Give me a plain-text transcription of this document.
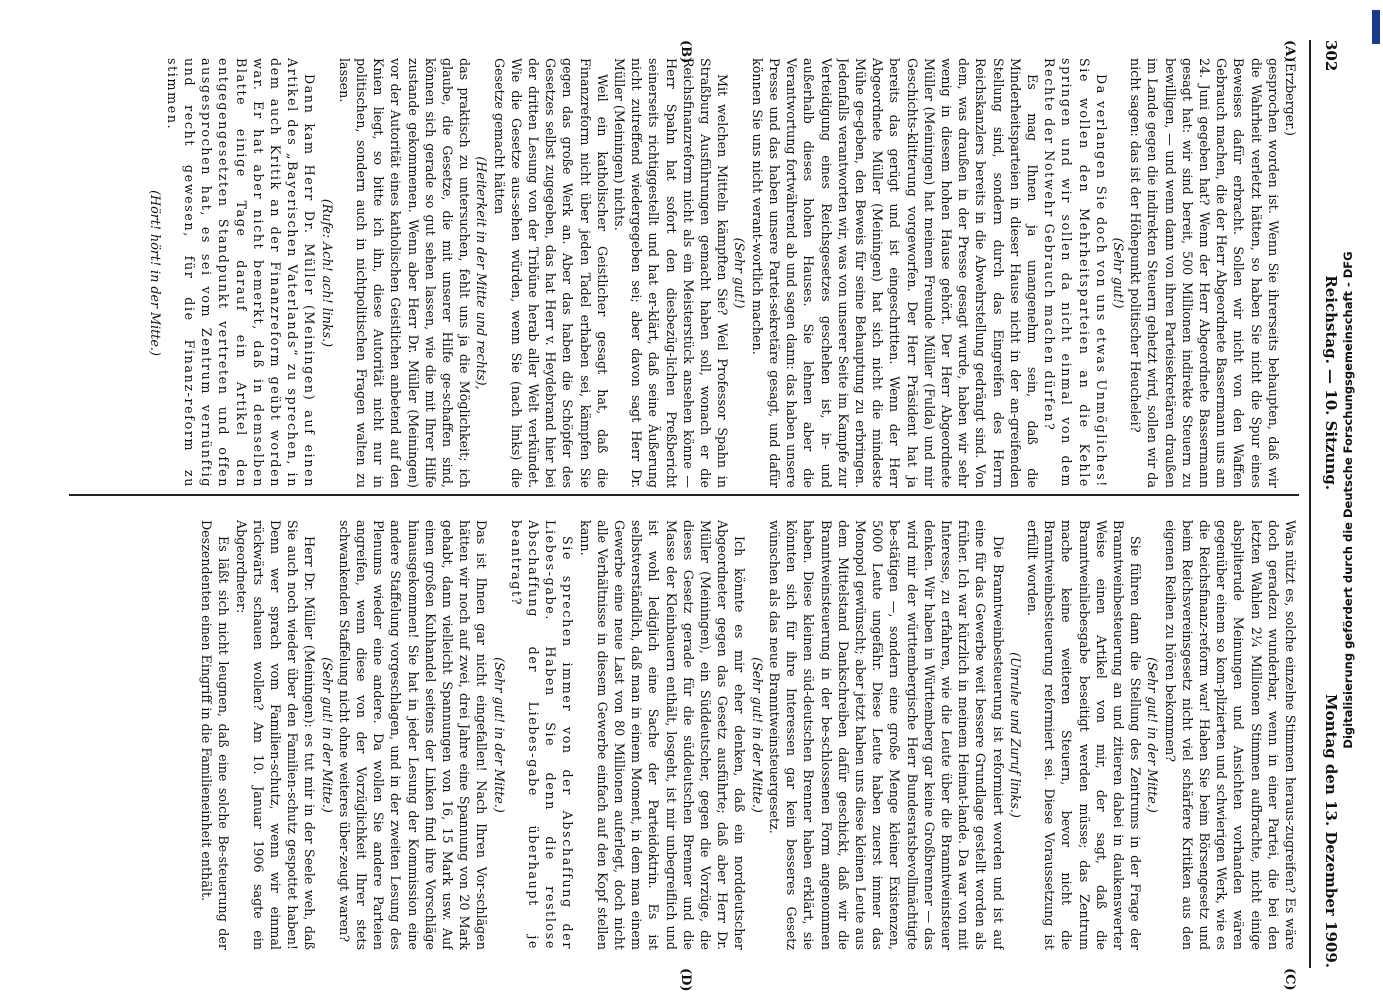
302
Reichstag. — 10. Sitzung.
Montag den 13. Dezember 1909.
(A)
(B)
(C)
(D)

(Erzberger.)

gesprochen worden ist. Wenn Sie ihrerseits behaupten, daß wir die Wahrheit verletzt hätten, so haben Sie nicht die Spur eines Beweises dafür erbracht. Sollen wir nicht von den Waffen Gebrauch machen, die der Herr Abgeordnete Bassermann uns am 24. Juni gegeben hat? Wenn der Herr Abgeordnete Bassermann gesagt hat: wir sind bereit, 500 Millionen indirekte Steuern zu bewilligen, — und wenn dann von ihren Parteisekretären draußen im Lande gegen die indirekten Steuern gehetzt wird, sollen wir da nicht sagen: das ist der Höhepunkt politischer Heuchelei?

(Sehr gut!)

Da verlangen Sie doch von uns etwas Unmögliches! Sie wollen den Mehrheitsparteien an die Kehle springen und wir sollen da nicht einmal von dem Rechte der Notwehr Gebrauch machen dürfen?

Es mag Ihnen ja unangenehm sein, daß die Minderheitsparteien in dieser Hause nicht in der an-greifenden Stellung sind, sondern durch das Eingreifen des Herrn Reichskanzlers bereits in die Abwehrstellung gedrängt sind. Von dem, was draußen in der Presse gesagt wurde, haben wir sehr wenig in diesem hohen Hause gehört. Der Herr Abgeordnete Müller (Meiningen) hat meinem Freunde Müller (Fulda) und mir Geschichts-klitterung vorgeworfen. Der Herr Präsident hat ja bereits das gerügt und ist eingeschritten. Wenn der Herr Abgeordnete Müller (Meiningen) hat sich nicht die mindeste Mühe ge-geben, den Beweis für seine Behauptung zu erbringen. Jedenfalls verantworten wir, was von unserer Seite im Kampfe zur Verteidigung eines Reichsgesetzes geschehen ist, in- und außerhalb dieses hohen Hauses. Sie lehnen aber die Verantwortung fortwährend ab und sagen dann: das haben unsere Presse und das haben unsere Partei-sekretäre gesagt, und dafür können Sie uns nicht verant-wortlich machen.

(Sehr gut!)

Mit welchen Mitteln kämpften Sie? Weil Professor Spahn in Straßburg Ausführungen gemacht haben soll, wonach er die Reichsfinanzreform nicht als ein Meisterstück ansehen könne — Herr Spahn hat sofort den diesbezüg-lichen Preßbericht seinerseits richtiggestellt und hat er-klärt, daß seine Äußerung nicht zutreffend wiedergegeben sei; aber davon sagt Herr Dr. Müller (Meiningen) nichts.

Weil ein katholischer Geistlicher gesagt hat, daß die Finanzreform nicht über jeden Tadel erhaben sei, kämpfen Sie gegen das große Werk an. Aber das haben die Schöpfer des Gesetzes selbst zugegeben, das hat Herr v. Heydebrand hier bei der dritten Lesung von der Tribüne herab aller Welt verkündet. Wie die Gesetze aus-sehen würden, wenn Sie (nach links) die Gesetze gemacht hätten

(Heiterkeit in der Mitte und rechts),

das praktisch zu untersuchen, fehlt uns ja die Möglichkeit; ich glaube, die Gesetze, die mit unserer Hilfe ge-schaffen sind, können sich gerade so gut sehen lassen, wie die mit Ihrer Hilfe zustande gekommenen. Wenn aber Herr Dr. Müller (Meiningen) vor der Autorität eines katholischen Geistlichen anbetend auf den Knien liegt, so bitte ich ihn, diese Autorität nicht nur in politischen, sondern auch in nichtpolitischen Fragen walten zu lassen.

(Rufe: Ach! ach! links.)

Dann kam Herr Dr. Müller (Meiningen) auf einen Artikel des „Bayerischen Vaterlands“ zu sprechen, in dem auch Kritik an der Finanzreform geübt worden war. Er hat aber nicht bemerkt, daß in demselben Blatte einige Tage darauf ein Artikel den entgegengesetzten Standpunkt vertreten und offen ausgesprochen hat, es sei vom Zentrum vernünftig und recht gewesen, für die Finanz-reform zu stimmen.

(Hört! hört! in der Mitte.)

Was nützt es, solche einzelne Stimmen heraus-zugreifen? Es wäre doch geradezu wunderbar, wenn in einer Partei, die bei den letzten Wahlen 2¼ Millionen Stimmen aufbrachte, nicht einige abspliterude Meinungen und Ansichten vorhanden wären gegenüber einem so kom-plizierten und schwierigen Werk, wie es die Reichsfinanz-reform war! Haben Sie beim Börsengesetz und beim Reichsvereinsgesetz nicht viel schärfere Kritiken aus den eigenen Reihen zu hören bekommen?

(Sehr gut! in der Mitte.)

Sie führen dann die Stellung des Zentrums in der Frage der Branntweinbesteuerung an und zitieren dabei in daukenswerter Weise einen Artikel von mir, der sagt, daß die Branntweinliebesgabe beseitigt werden müsse; das Zentrum mache keine weiteren Steuern, bevor nicht die Branntweinbesteuerung reformiert sei. Diese Voraussetzung ist erfüllt worden.

(Unruhe und Zuruf links.)

Die Branntweinbesteuerung ist reformiert worden und ist auf eine für das Gewerbe weit bessere Grundlage gestellt worden als früher. Ich war kürzlich in meinem Heimat-lande. Da war von mit Interesse, zu erfahren, wie die Leute über die Branntweinsteuer denken. Wir haben in Württemberg gar keine Großbrenner — das wird mir der württembergische Herr Bundesratsbevollmächtigte be-stätigen —, sondern eine große Menge kleiner Existenzen, 5000 Leute ungefähr. Diese Leute haben zuerst immer das Monopol gewünscht; aber jetzt haben uns diese kleinen Leute aus dem Mittelstand Dankschreiben dafür geschickt, daß wir die Branntweinsteuerung in der be-schlossenen Form angenommen haben. Diese kleinen süd-deutschen Brenner haben erklärt, sie könnten sich für ihre Interessen gar kein besseres Gesetz wünschen als das neue Branntweinsteuergesetz.

(Sehr gut! in der Mitte.)

Ich könnte es mir eher denken, daß ein norddeutscher Abgeordneter gegen das Gesetz ausführte; daß aber Herr Dr. Müller (Meiningen), ein Süddeutscher, gegen die Vorzüge, die dieses Gesetz gerade für die süddeutschen Brenner und die Masse der Kleinbauern enthält, losgeht, ist mir unbegreiflich und ist wohl lediglich eine Sache der Parteidoktrin. Es ist selbstverständlich, daß man in einem Moment, in dem man einem Gewerbe eine neue Last von 80 Millionen auferlegt, doch nicht alle Verhältnisse in diesem Gewerbe einfach auf den Kopf stellen kann.

Sie sprechen immer von der Abschaffung der Liebes-gabe. Haben Sie denn die restlose Abschaffung der Liebes-gabe überhaupt je beantragt?

(Sehr gut! in der Mitte.)

Das ist Ihnen gar nicht eingefallen! Nach Ihren Vor-schlägen hätten wir noch auf zwei, drei Jahre eine Spannung von 20 Mark gehabt, dann vielleicht Spannungen von 16, 15 Mark usw. Auf einen großen Kuhhandel seitens der Linken find ihre Vorschläge hinausgekommen! Sie hat in jeder Lesung der Kommission eine andere Staffelung vorgeschlagen, und in der zweiten Lesung des Plenums wieder eine andere. Da wollen Sie andere Parteien angreifen, wenn diese von der Vorzüglichkeit Ihrer stets schwankenden Staffelung nicht ohne weiteres über-zeugt waren?

(Sehr gut! in der Mitte.)

Herr Dr. Müller (Meiningen): es tut mir in der Seele weh, daß Sie auch noch wieder über den Familien-schutz gespottet haben! Denn wer sprach vom Familien-schutz, wenn wir einmal rückwärts schauen wollen? Am 10. Januar 1906 sagte ein Abgeordneter:

Es läßt sich nicht leugnen, daß eine solche Be-steuerung der Deszendenten einen Eingriff in die Familieneinheit enthält.	Digitalisierung gefördert durch die Deutsche Forschungsgemeinschaft - DFG
